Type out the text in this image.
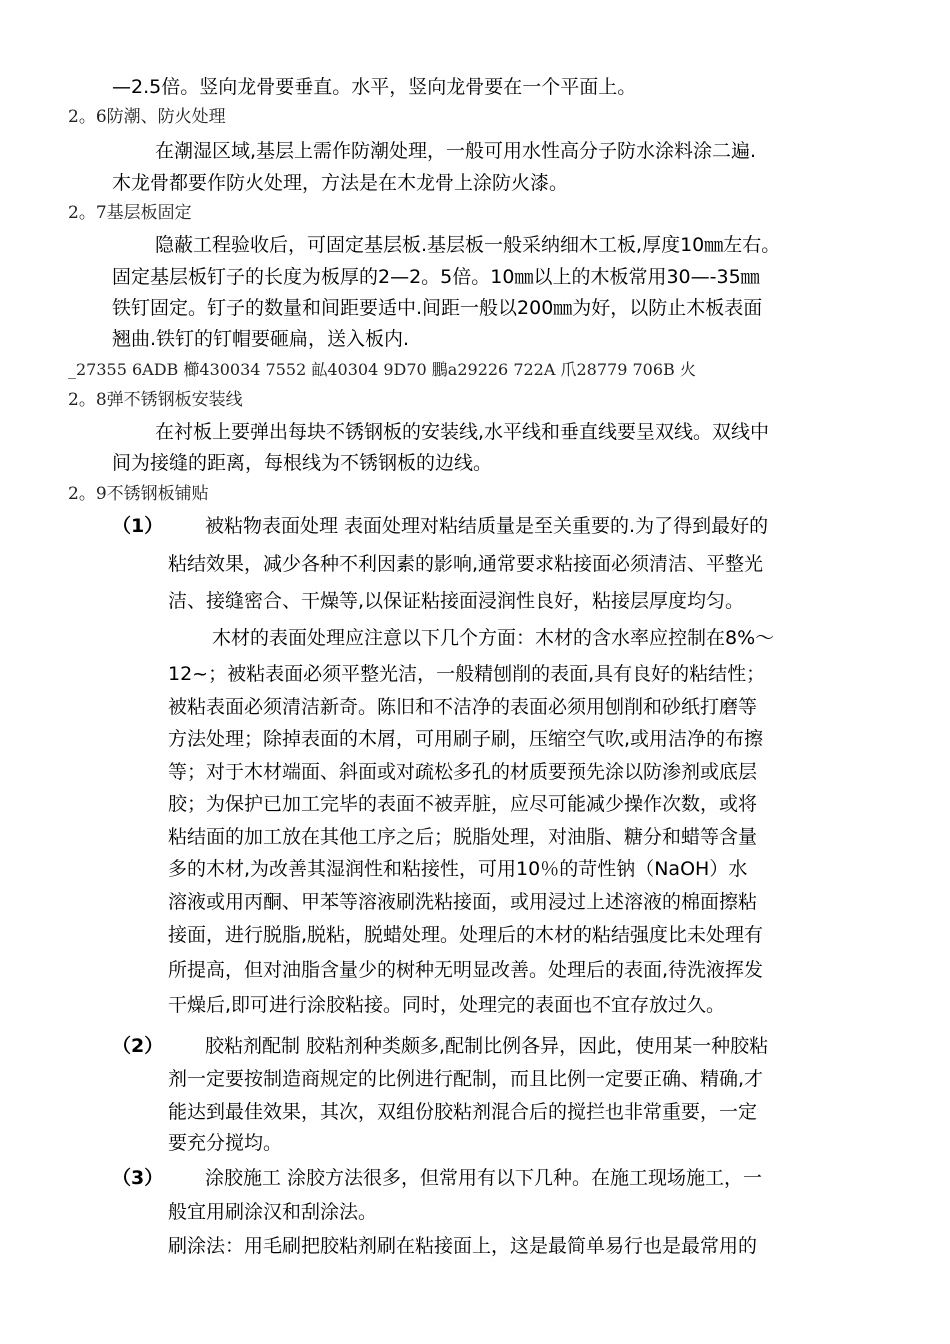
—2.5倍。竖向龙骨要垂直。水平，竖向龙骨要在一个平面上。
2。6防潮、防火处理
在潮湿区域,基层上需作防潮处理，一般可用水性高分子防水涂料涂二遍.
木龙骨都要作防火处理，方法是在木龙骨上涂防火漆。
2。7基层板固定
隐蔽工程验收后，可固定基层板.基层板一般采纳细木工板,厚度10㎜左右。
固定基层板钉子的长度为板厚的2—2。5倍。10㎜以上的木板常用30—-35㎜
铁钉固定。钉子的数量和间距要适中.间距一般以200㎜为好，以防止木板表面
翘曲.铁钉的钉帽要砸扁，送入板内.
_27355 6ADB 櫛430034 7552 畆40304 9D70 鵬a29226 722A 爪28779 706B 火
2。8弹不锈钢板安装线
在衬板上要弹出每块不锈钢板的安装线,水平线和垂直线要呈双线。双线中
间为接缝的距离，每根线为不锈钢板的边线。
2。9不锈钢板铺贴
（1） 被粘物表面处理 表面处理对粘结质量是至关重要的.为了得到最好的
粘结效果，减少各种不利因素的影响,通常要求粘接面必须清洁、平整光
洁、接缝密合、干燥等,以保证粘接面浸润性良好，粘接层厚度均匀。
木材的表面处理应注意以下几个方面：木材的含水率应控制在8%～
12~；被粘表面必须平整光洁，一般精刨削的表面,具有良好的粘结性；
被粘表面必须清洁新奇。陈旧和不洁净的表面必须用刨削和砂纸打磨等
方法处理；除掉表面的木屑，可用刷子刷，压缩空气吹,或用洁净的布擦
等；对于木材端面、斜面或对疏松多孔的材质要预先涂以防渗剂或底层
胶；为保护已加工完毕的表面不被弄脏，应尽可能减少操作次数，或将
粘结面的加工放在其他工序之后；脱脂处理，对油脂、糖分和蜡等含量
多的木材,为改善其湿润性和粘接性，可用10％的苛性钠（NaOH）水
溶液或用丙酮、甲苯等溶液刷洗粘接面，或用浸过上述溶液的棉面擦粘
接面，进行脱脂,脱粘，脱蜡处理。处理后的木材的粘结强度比未处理有
所提高，但对油脂含量少的树种无明显改善。处理后的表面,待洗液挥发
干燥后,即可进行涂胶粘接。同时，处理完的表面也不宜存放过久。
（2） 胶粘剂配制 胶粘剂种类颇多,配制比例各异，因此，使用某一种胶粘
剂一定要按制造商规定的比例进行配制，而且比例一定要正确、精确,才
能达到最佳效果，其次，双组份胶粘剂混合后的搅拦也非常重要，一定
要充分搅均。
（3） 涂胶施工 涂胶方法很多，但常用有以下几种。在施工现场施工，一
般宜用刷涂汉和刮涂法。
刷涂法：用毛刷把胶粘剂刷在粘接面上，这是最简单易行也是最常用的
